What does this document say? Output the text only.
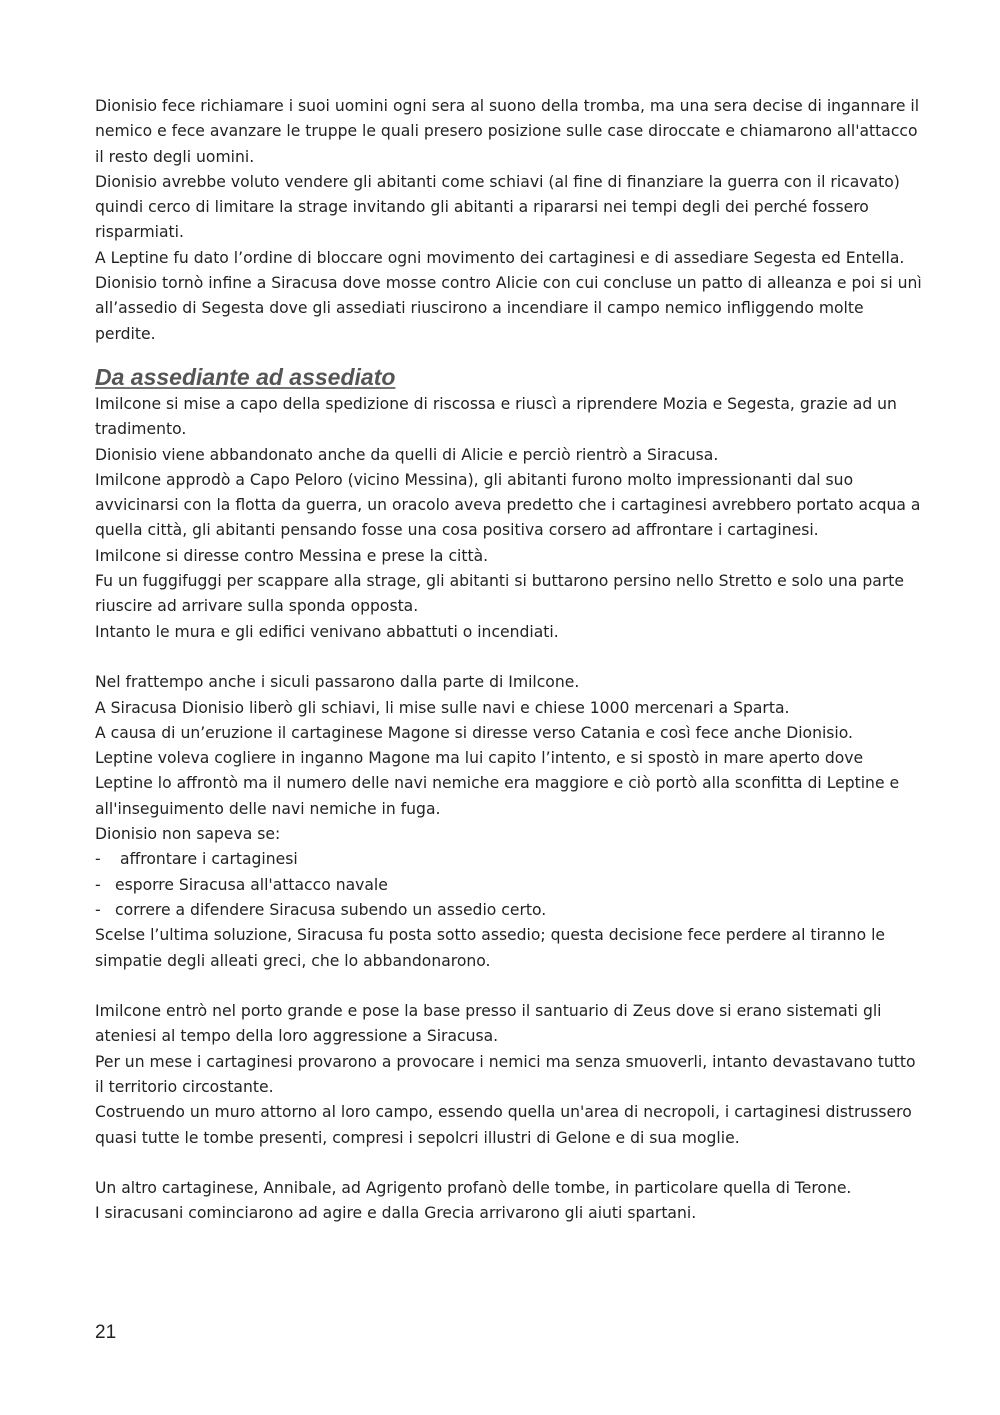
Dionisio fece richiamare i suoi uomini ogni sera al suono della tromba, ma una sera decise di ingannare il nemico e fece avanzare le truppe le quali presero posizione sulle case diroccate e chiamarono all'attacco il resto degli uomini.

Dionisio avrebbe voluto vendere gli abitanti come schiavi (al fine di finanziare la guerra con il ricavato) quindi cerco di limitare la strage invitando gli abitanti a ripararsi nei tempi degli dei perché fossero risparmiati.

A Leptine fu dato l’ordine di bloccare ogni movimento dei cartaginesi e di assediare Segesta ed Entella.

Dionisio tornò infine a Siracusa dove mosse contro Alicie con cui concluse un patto di alleanza e poi si unì all’assedio di Segesta dove gli assediati riuscirono a incendiare il campo nemico infliggendo molte perdite.

Da assediante ad assediato

Imilcone si mise a capo della spedizione di riscossa e riuscì a riprendere Mozia e Segesta, grazie ad un tradimento.

Dionisio viene abbandonato anche da quelli di Alicie e perciò rientrò a Siracusa.

Imilcone approdò a Capo Peloro (vicino Messina), gli abitanti furono molto impressionanti dal suo avvicinarsi con la flotta da guerra, un oracolo aveva predetto che i cartaginesi avrebbero portato acqua a quella città, gli abitanti pensando fosse una cosa positiva corsero ad affrontare i cartaginesi.

Imilcone si diresse contro Messina e prese la città.

Fu un fuggifuggi per scappare alla strage, gli abitanti si buttarono persino nello Stretto e solo una parte riuscire ad arrivare sulla sponda opposta.

Intanto le mura e gli edifici venivano abbattuti o incendiati.

Nel frattempo anche i siculi passarono dalla parte di Imilcone.

A Siracusa Dionisio liberò gli schiavi, li mise sulle navi e chiese 1000 mercenari a Sparta.

A causa di un’eruzione il cartaginese Magone si diresse verso Catania e così fece anche Dionisio.

Leptine voleva cogliere in inganno Magone ma lui capito l’intento, e si spostò in mare aperto dove Leptine lo affrontò ma il numero delle navi nemiche era maggiore e ciò portò alla sconfitta di Leptine e all'inseguimento delle navi nemiche in fuga.

Dionisio non sapeva se:

- affrontare i cartaginesi
- esporre Siracusa all'attacco navale
- correre a difendere Siracusa subendo un assedio certo.

Scelse l’ultima soluzione, Siracusa fu posta sotto assedio; questa decisione fece perdere al tiranno le simpatie degli alleati greci, che lo abbandonarono.

Imilcone entrò nel porto grande e pose la base presso il santuario di Zeus dove si erano sistemati gli ateniesi al tempo della loro aggressione a Siracusa.

Per un mese i cartaginesi provarono a provocare i nemici ma senza smuoverli, intanto devastavano tutto il territorio circostante.

Costruendo un muro attorno al loro campo, essendo quella un'area di necropoli, i cartaginesi distrussero quasi tutte le tombe presenti, compresi i sepolcri illustri di Gelone e di sua moglie.

Un altro cartaginese, Annibale, ad Agrigento profanò delle tombe, in particolare quella di Terone.

I siracusani cominciarono ad agire e dalla Grecia arrivarono gli aiuti spartani.

21
